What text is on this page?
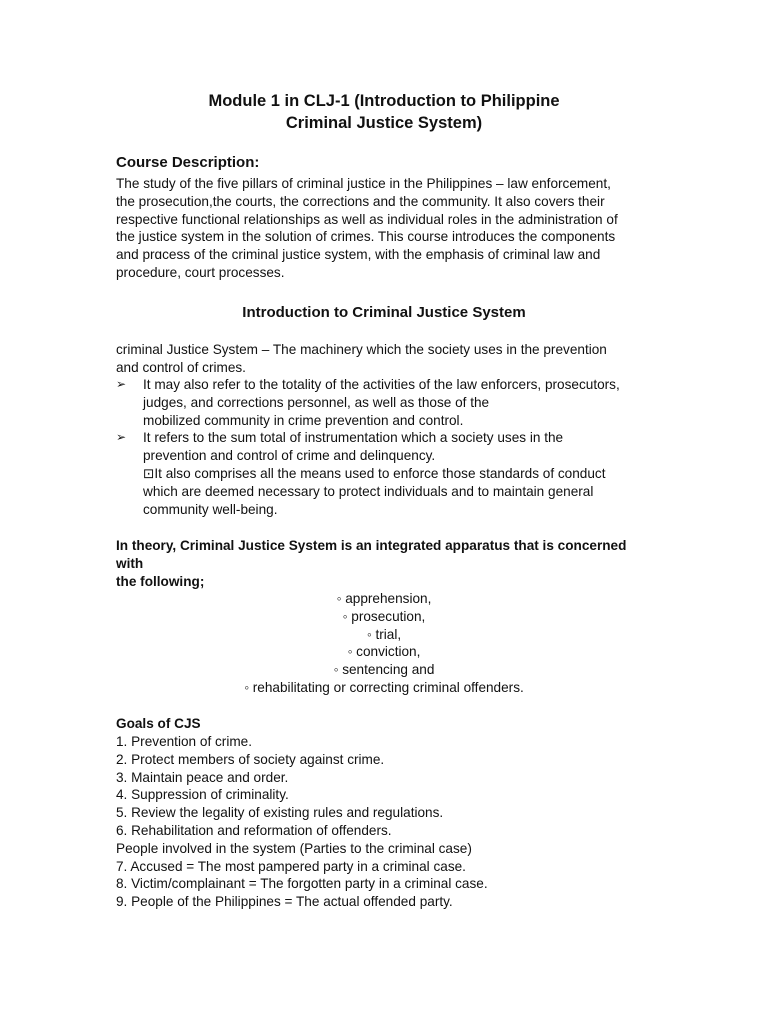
Module 1 in CLJ-1 (Introduction to Philippine
Criminal Justice System)
Course Description:
The study of the five pillars of criminal justice in the Philippines – law enforcement,
the prosecution,the courts, the corrections and the community. It also covers their
respective functional relationships as well as individual roles in the administration of
the justice system in the solution of crimes. This course introduces the components
and prɑcess of the criminal justice system, with the emphasis of criminal law and
procedure, court processes.
Introduction to Criminal Justice System
criminal Justice System – The machinery which the society uses in the prevention
and control of crimes.
➢ It may also refer to the totality of the activities of the law enforcers, prosecutors,
judges, and corrections personnel, as well as those of the
mobilized community in crime prevention and control.
➢ It refers to the sum total of instrumentation which a society uses in the
prevention and control of crime and delinquency.
⊡It also comprises all the means used to enforce those standards of conduct
which are deemed necessary to protect individuals and to maintain general
community well-being.
In theory, Criminal Justice System is an integrated apparatus that is concerned with
the following;
◦ apprehension,
◦ prosecution,
◦ trial,
◦ conviction,
◦ sentencing and
◦ rehabilitating or correcting criminal offenders.
Goals of CJS
1. Prevention of crime.
2. Protect members of society against crime.
3. Maintain peace and order.
4. Suppression of criminality.
5. Review the legality of existing rules and regulations.
6. Rehabilitation and reformation of offenders.
People involved in the system (Parties to the criminal case)
7. Accused = The most pampered party in a criminal case.
8. Victim/complainant = The forgotten party in a criminal case.
9. People of the Philippines = The actual offended party.
